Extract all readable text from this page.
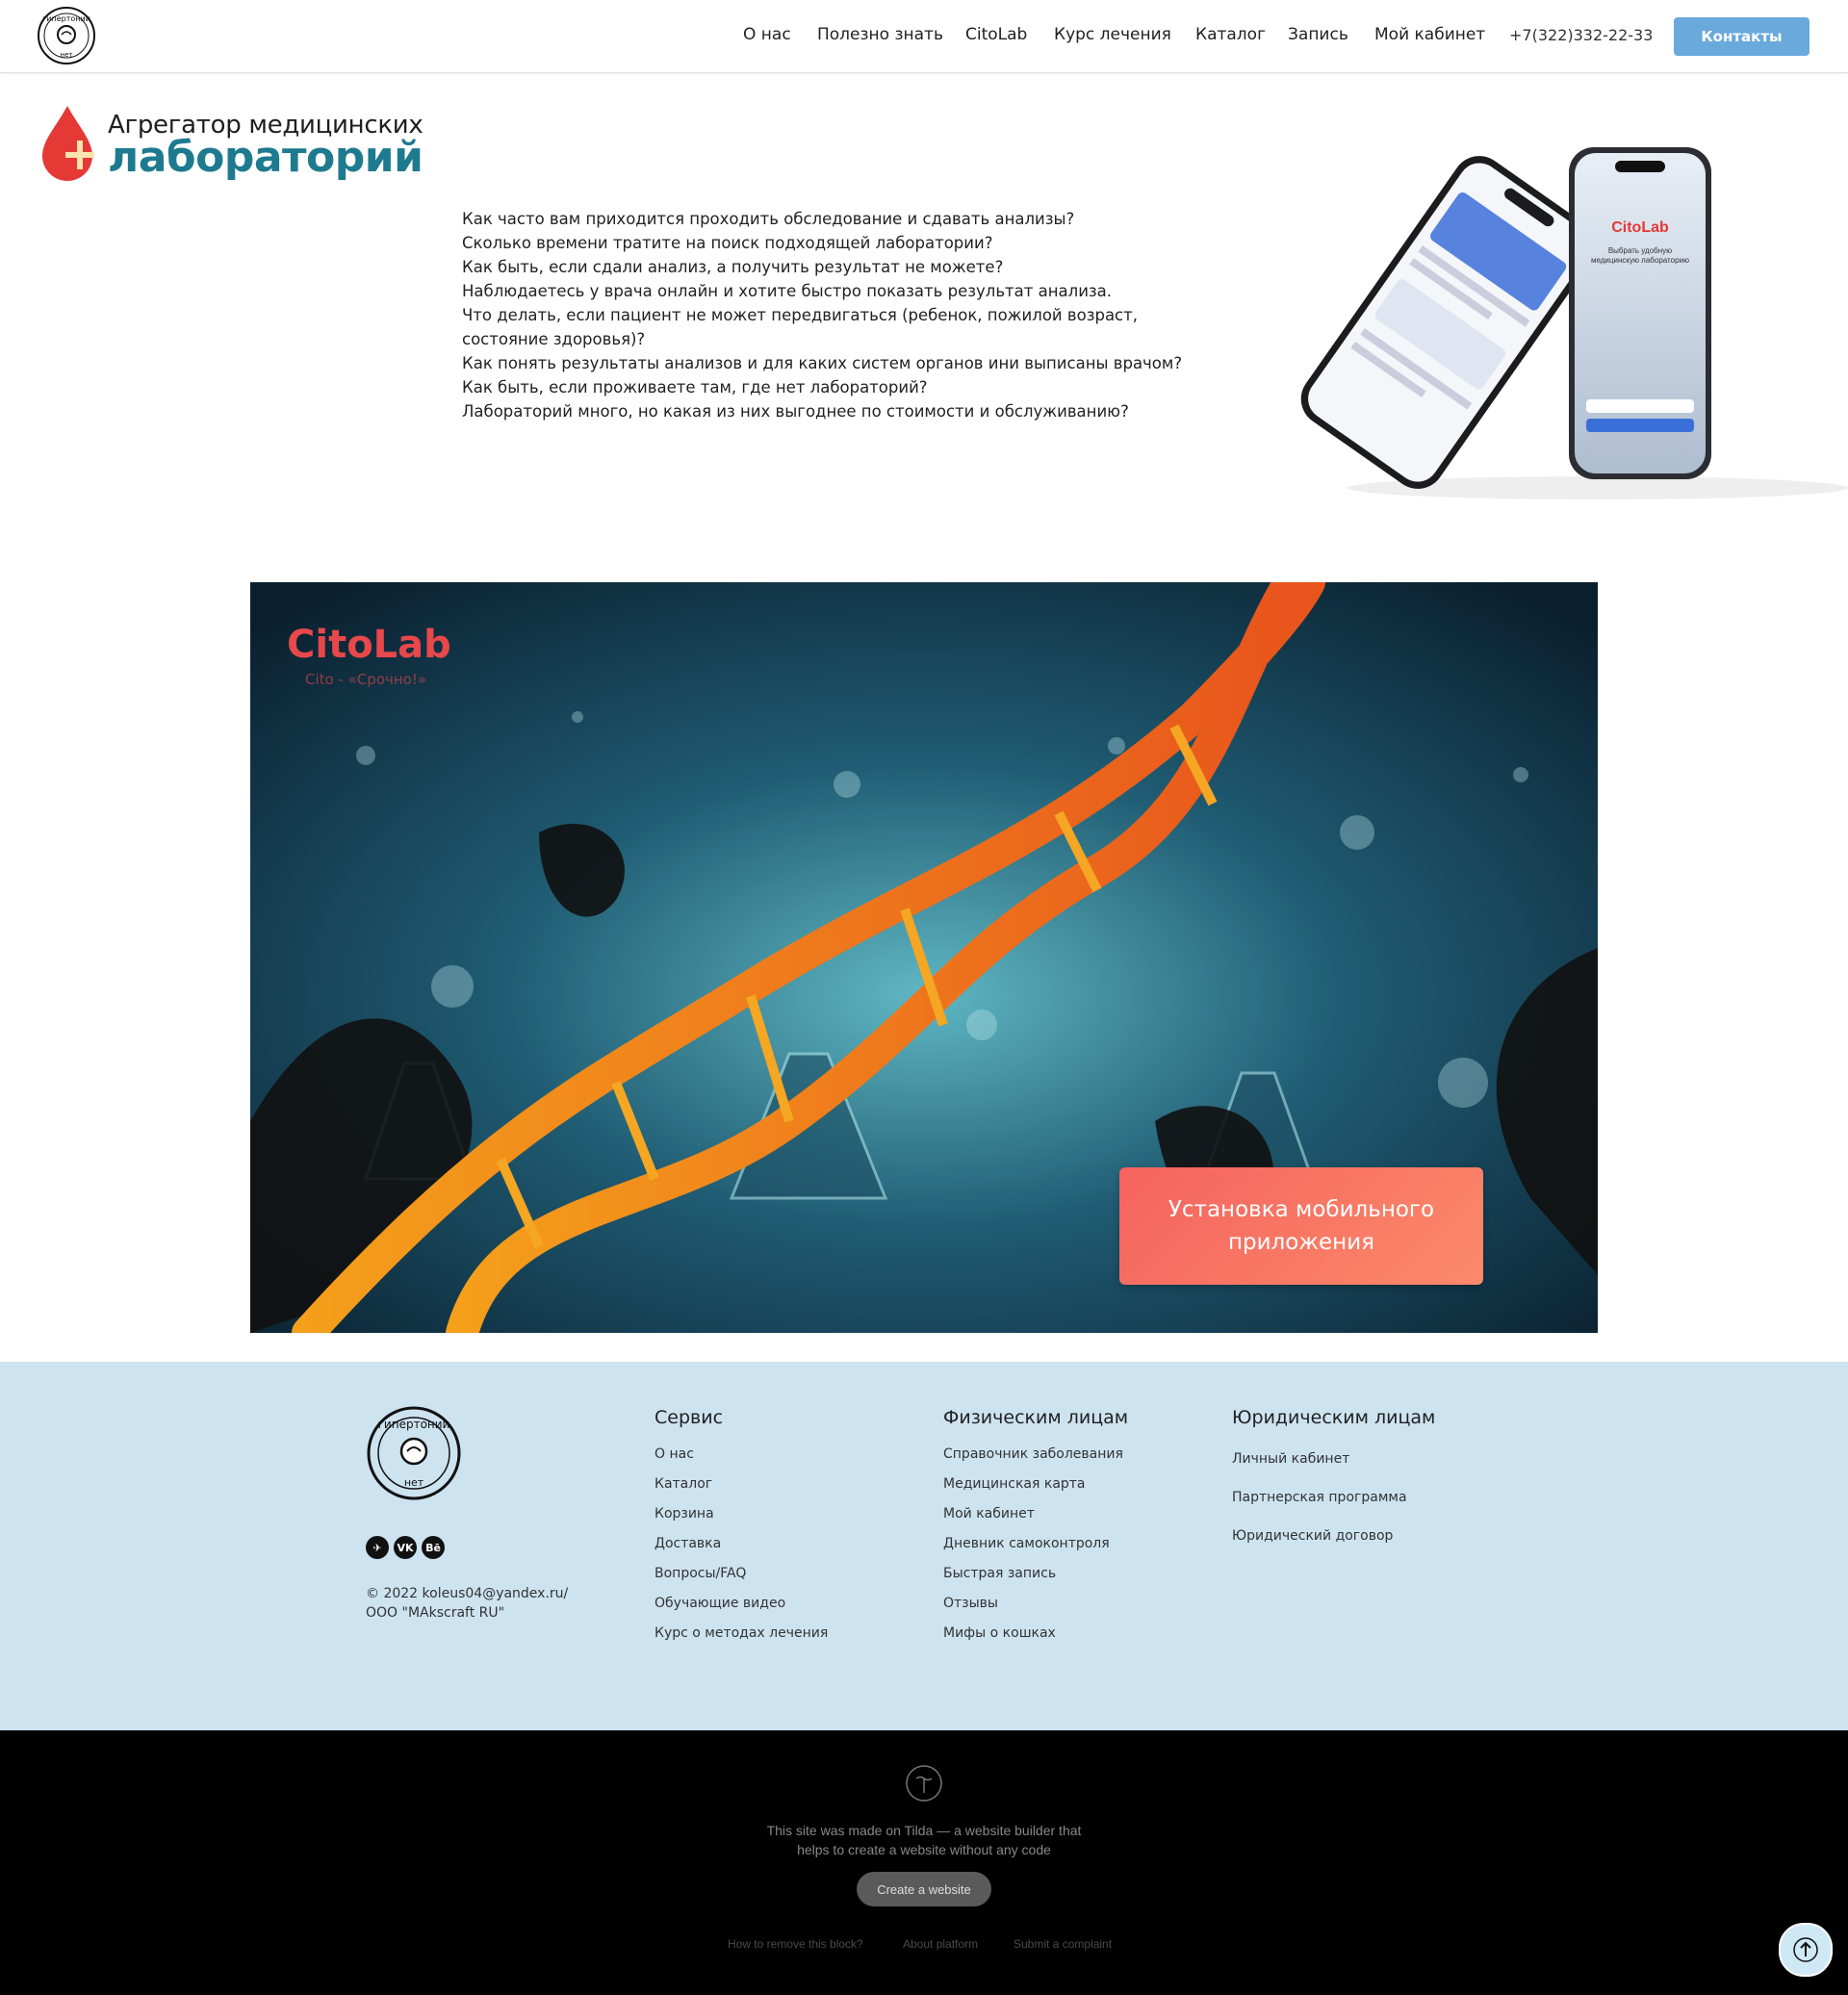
гипертонии
нет
О нас Полезно знать CitoLab Курс лечения Каталог Запись Мой кабинет +7(322)332-22-33	Контакты
Агрегатор медицинских
лабораторий
Как часто вам приходится проходить обследование и сдавать анализы?
Сколько времени тратите на поиск подходящей лаборатории?
Как быть, если сдали анализ, а получить результат не можете?
Наблюдаетесь у врача онлайн и хотите быстро показать результат анализа.
Что делать, если пациент не может передвигаться (ребенок, пожилой возраст,
состояние здоровья)?
Как понять результаты анализов и для каких систем органов ини выписаны врачом?
Как быть, если проживаете там, где нет лабораторий?
Лабораторий много, но какая из них выгоднее по стоимости и обслуживанию?
CitoLab
Выбрать удобную
медицинскую лабораторию
CitoLab
Cito - «Срочно!»
Установка мобильного
приложения
гипертонии
нет
✈	VK	Bē
© 2022 koleus04@yandex.ru/
ООО "MAkscraft RU"
Сервис
О нас
Каталог
Корзина
Доставка
Вопросы/FAQ
Обучающие видео
Курс о методах лечения
Физическим лицам
Справочник заболевания
Медицинская карта
Мой кабинет
Дневник самоконтроля
Быстрая запись
Отзывы
Мифы о кошках
Юридическим лицам
Личный кабинет
Партнерская программа
Юридический договор
This site was made on Tilda — a website builder that
helps to create a website without any code
Create a website
How to remove this block?	About platform	Submit a complaint
